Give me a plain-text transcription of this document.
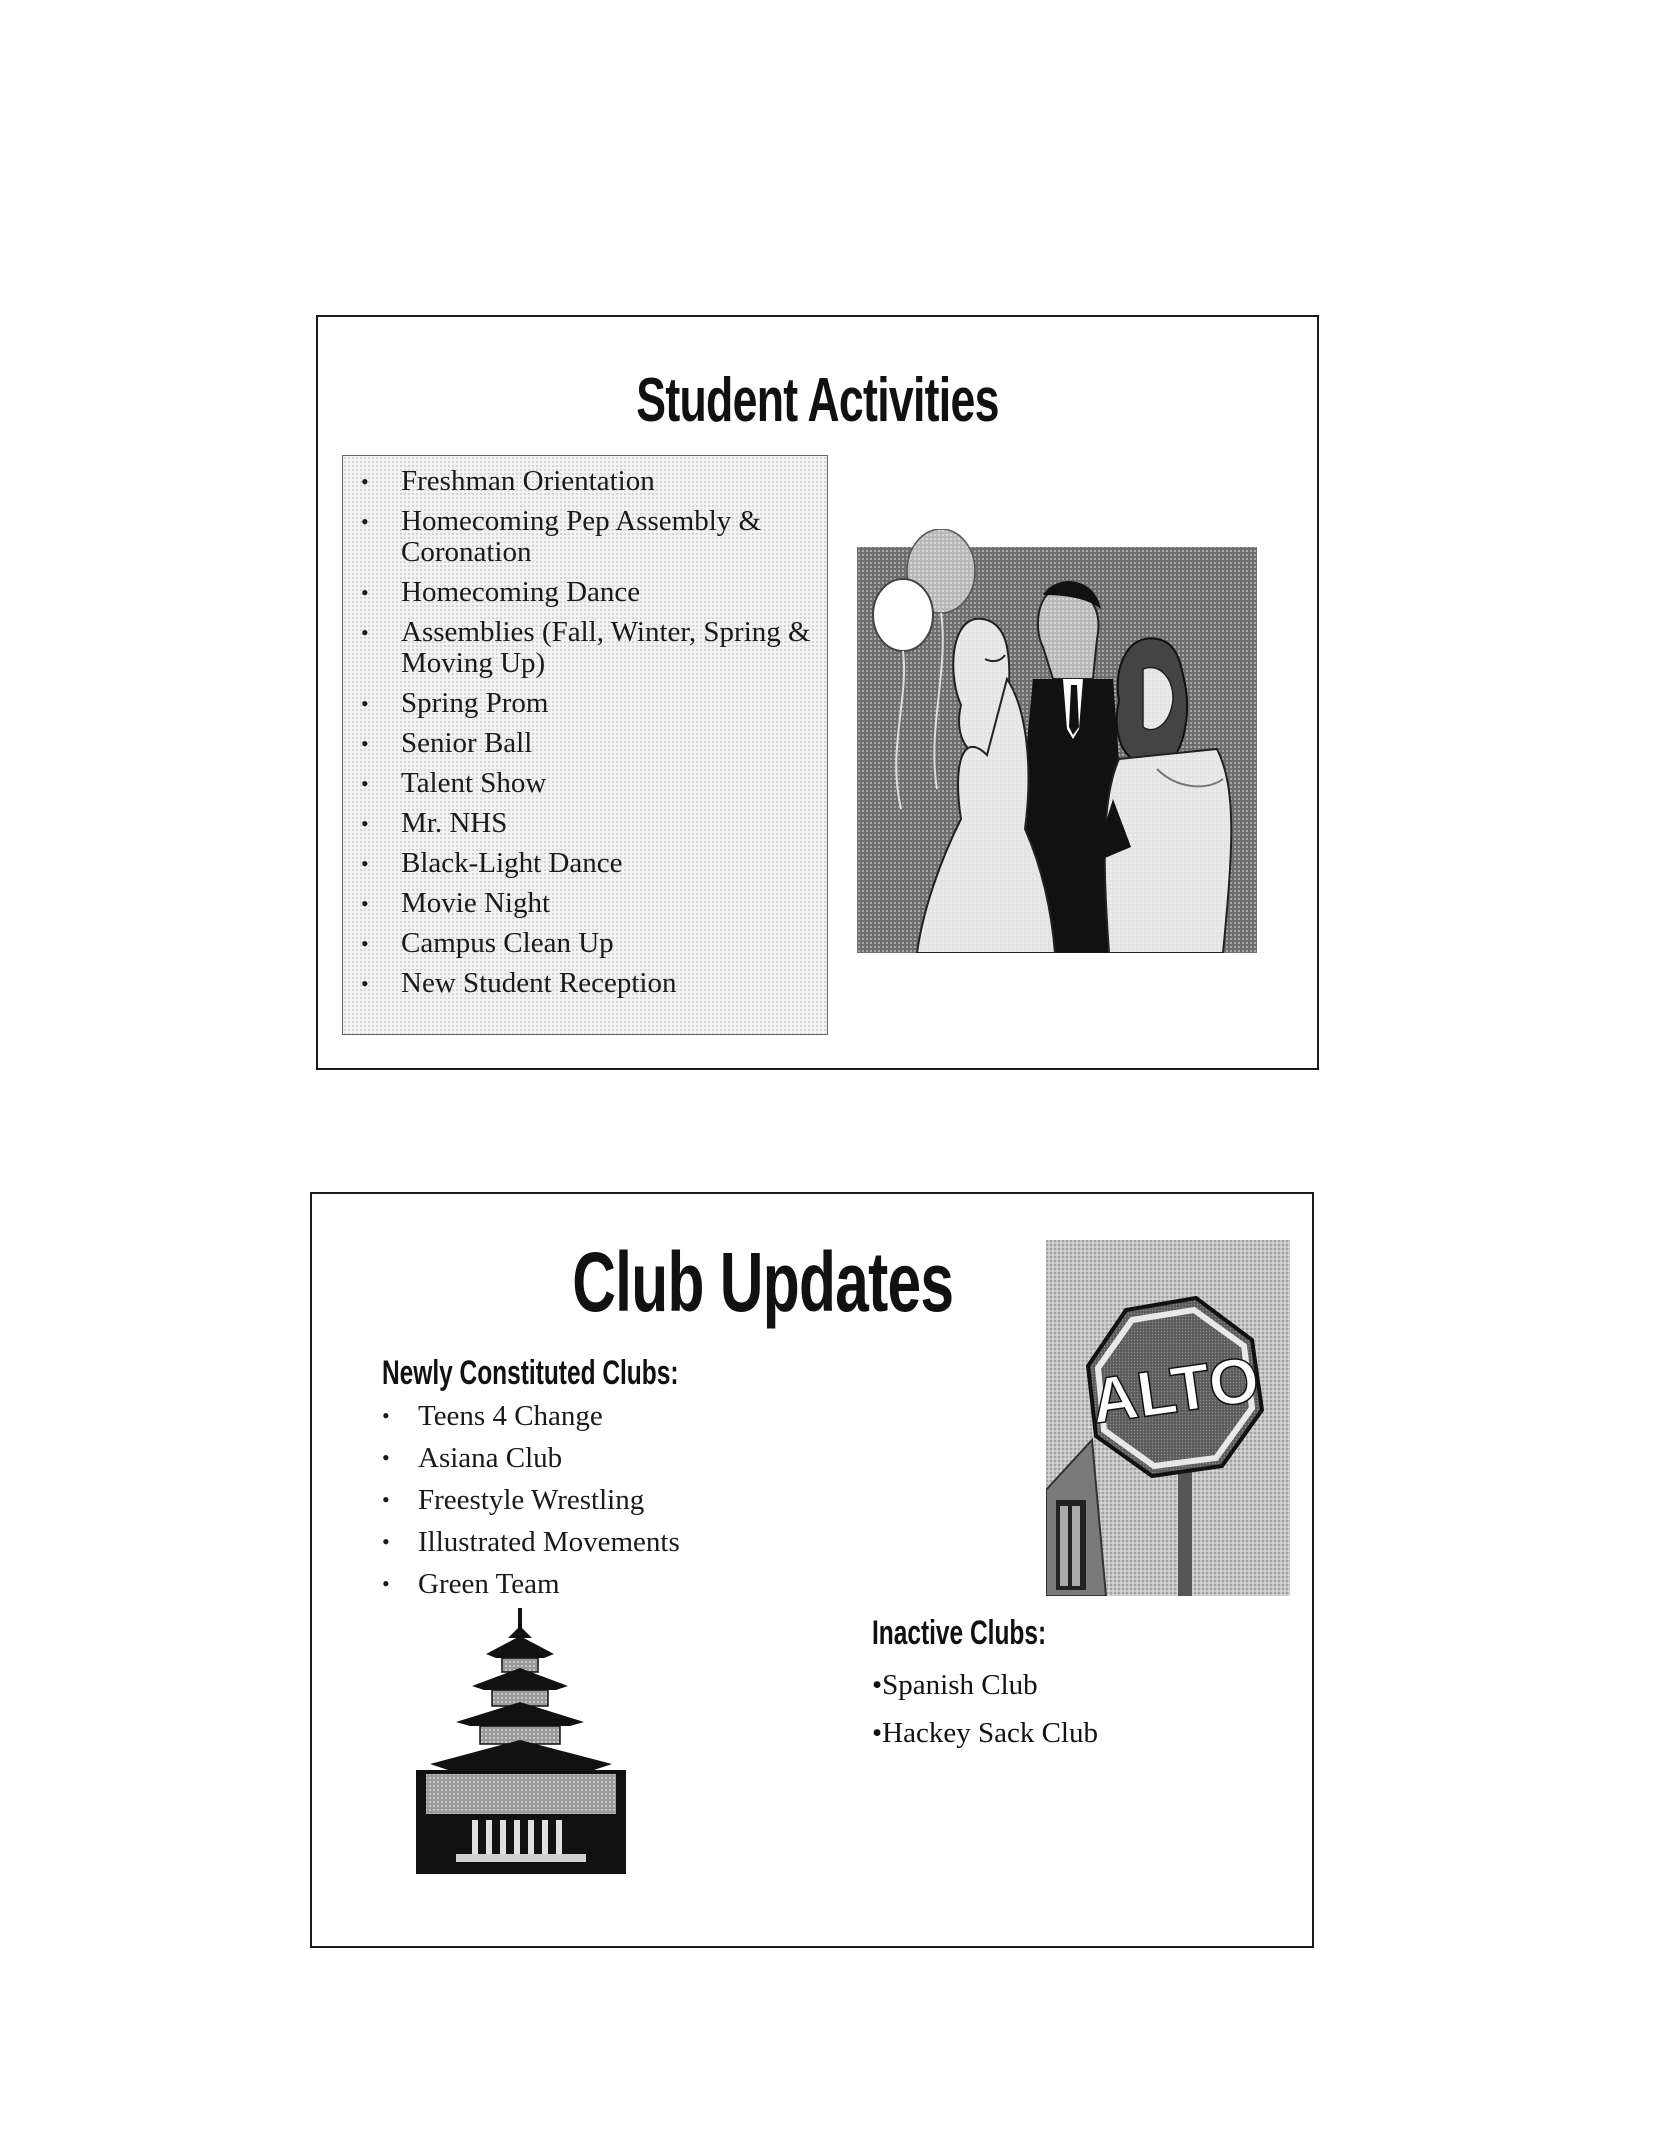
Student Activities
• Freshman Orientation
• Homecoming Pep Assembly & Coronation
• Homecoming Dance
• Assemblies (Fall, Winter, Spring & Moving Up)
• Spring Prom
• Senior Ball
• Talent Show
• Mr. NHS
• Black-Light Dance
• Movie Night
• Campus Clean Up
• New Student Reception
Club Updates
Newly Constituted Clubs:
• Teens 4 Change
• Asiana Club
• Freestyle Wrestling
• Illustrated Movements
• Green Team
Inactive Clubs:
•Spanish Club
•Hackey Sack Club
ALTO
